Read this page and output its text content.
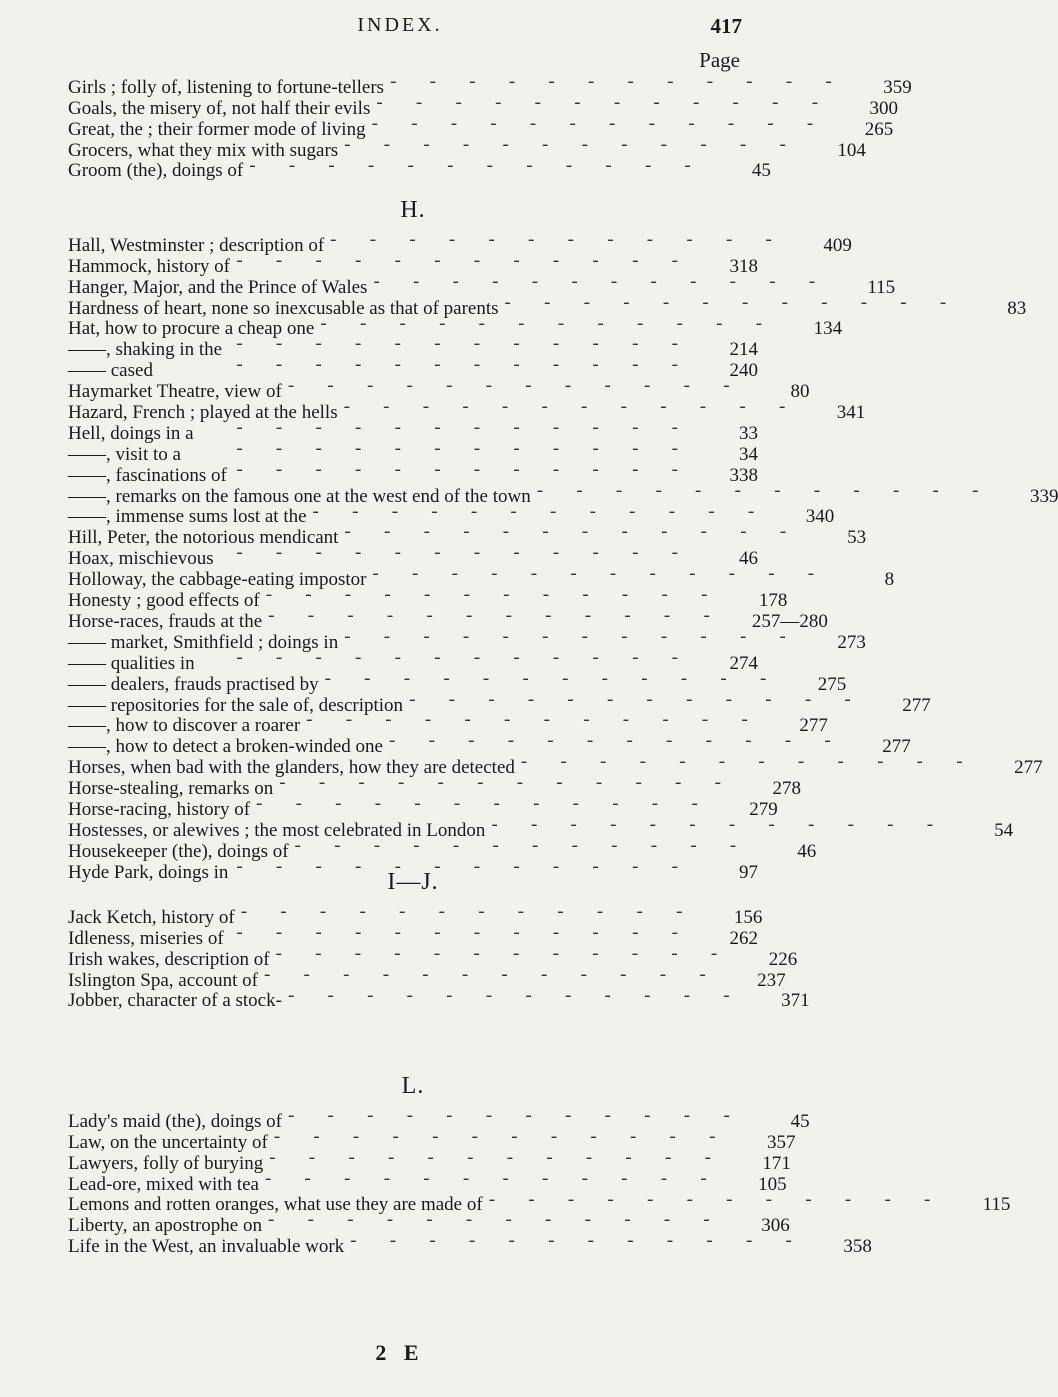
INDEX.	417
Page
Girls ; folly of, listening to fortune-tellers -	359
Goals, the misery of, not half their evils -	300
Great, the ; their former mode of living -	265
Grocers, what they mix with sugars -	104
Groom (the), doings of -	45
H.
Hall, Westminster ; description of -	409
Hammock, history of -	318
Hanger, Major, and the Prince of Wales -	115
Hardness of heart, none so inexcusable as that of parents -	83
Hat, how to procure a cheap one -	134
——, shaking in the -	214
—— cased -	240
Haymarket Theatre, view of -	80
Hazard, French ; played at the hells -	341
Hell, doings in a -	33
——, visit to a -	34
——, fascinations of -	338
——, remarks on the famous one at the west end of the town -	339
——, immense sums lost at the -	340
Hill, Peter, the notorious mendicant -	53
Hoax, mischievous -	46
Holloway, the cabbage-eating impostor -	8
Honesty ; good effects of -	178
Horse-races, frauds at the -	257—280
—— market, Smithfield ; doings in -	273
—— qualities in -	274
—— dealers, frauds practised by -	275
—— repositories for the sale of, description -	277
——, how to discover a roarer -	277
——, how to detect a broken-winded one -	277
Horses, when bad with the glanders, how they are detected -	277
Horse-stealing, remarks on -	278
Horse-racing, history of -	279
Hostesses, or alewives ; the most celebrated in London -	54
Housekeeper (the), doings of -	46
Hyde Park, doings in -	97
I—J.
Jack Ketch, history of -	156
Idleness, miseries of -	262
Irish wakes, description of -	226
Islington Spa, account of -	237
Jobber, character of a stock- -	371
L.
Lady's maid (the), doings of -	45
Law, on the uncertainty of -	357
Lawyers, folly of burying -	171
Lead-ore, mixed with tea -	105
Lemons and rotten oranges, what use they are made of -	115
Liberty, an apostrophe on -	306
Life in the West, an invaluable work -	358
2 E
